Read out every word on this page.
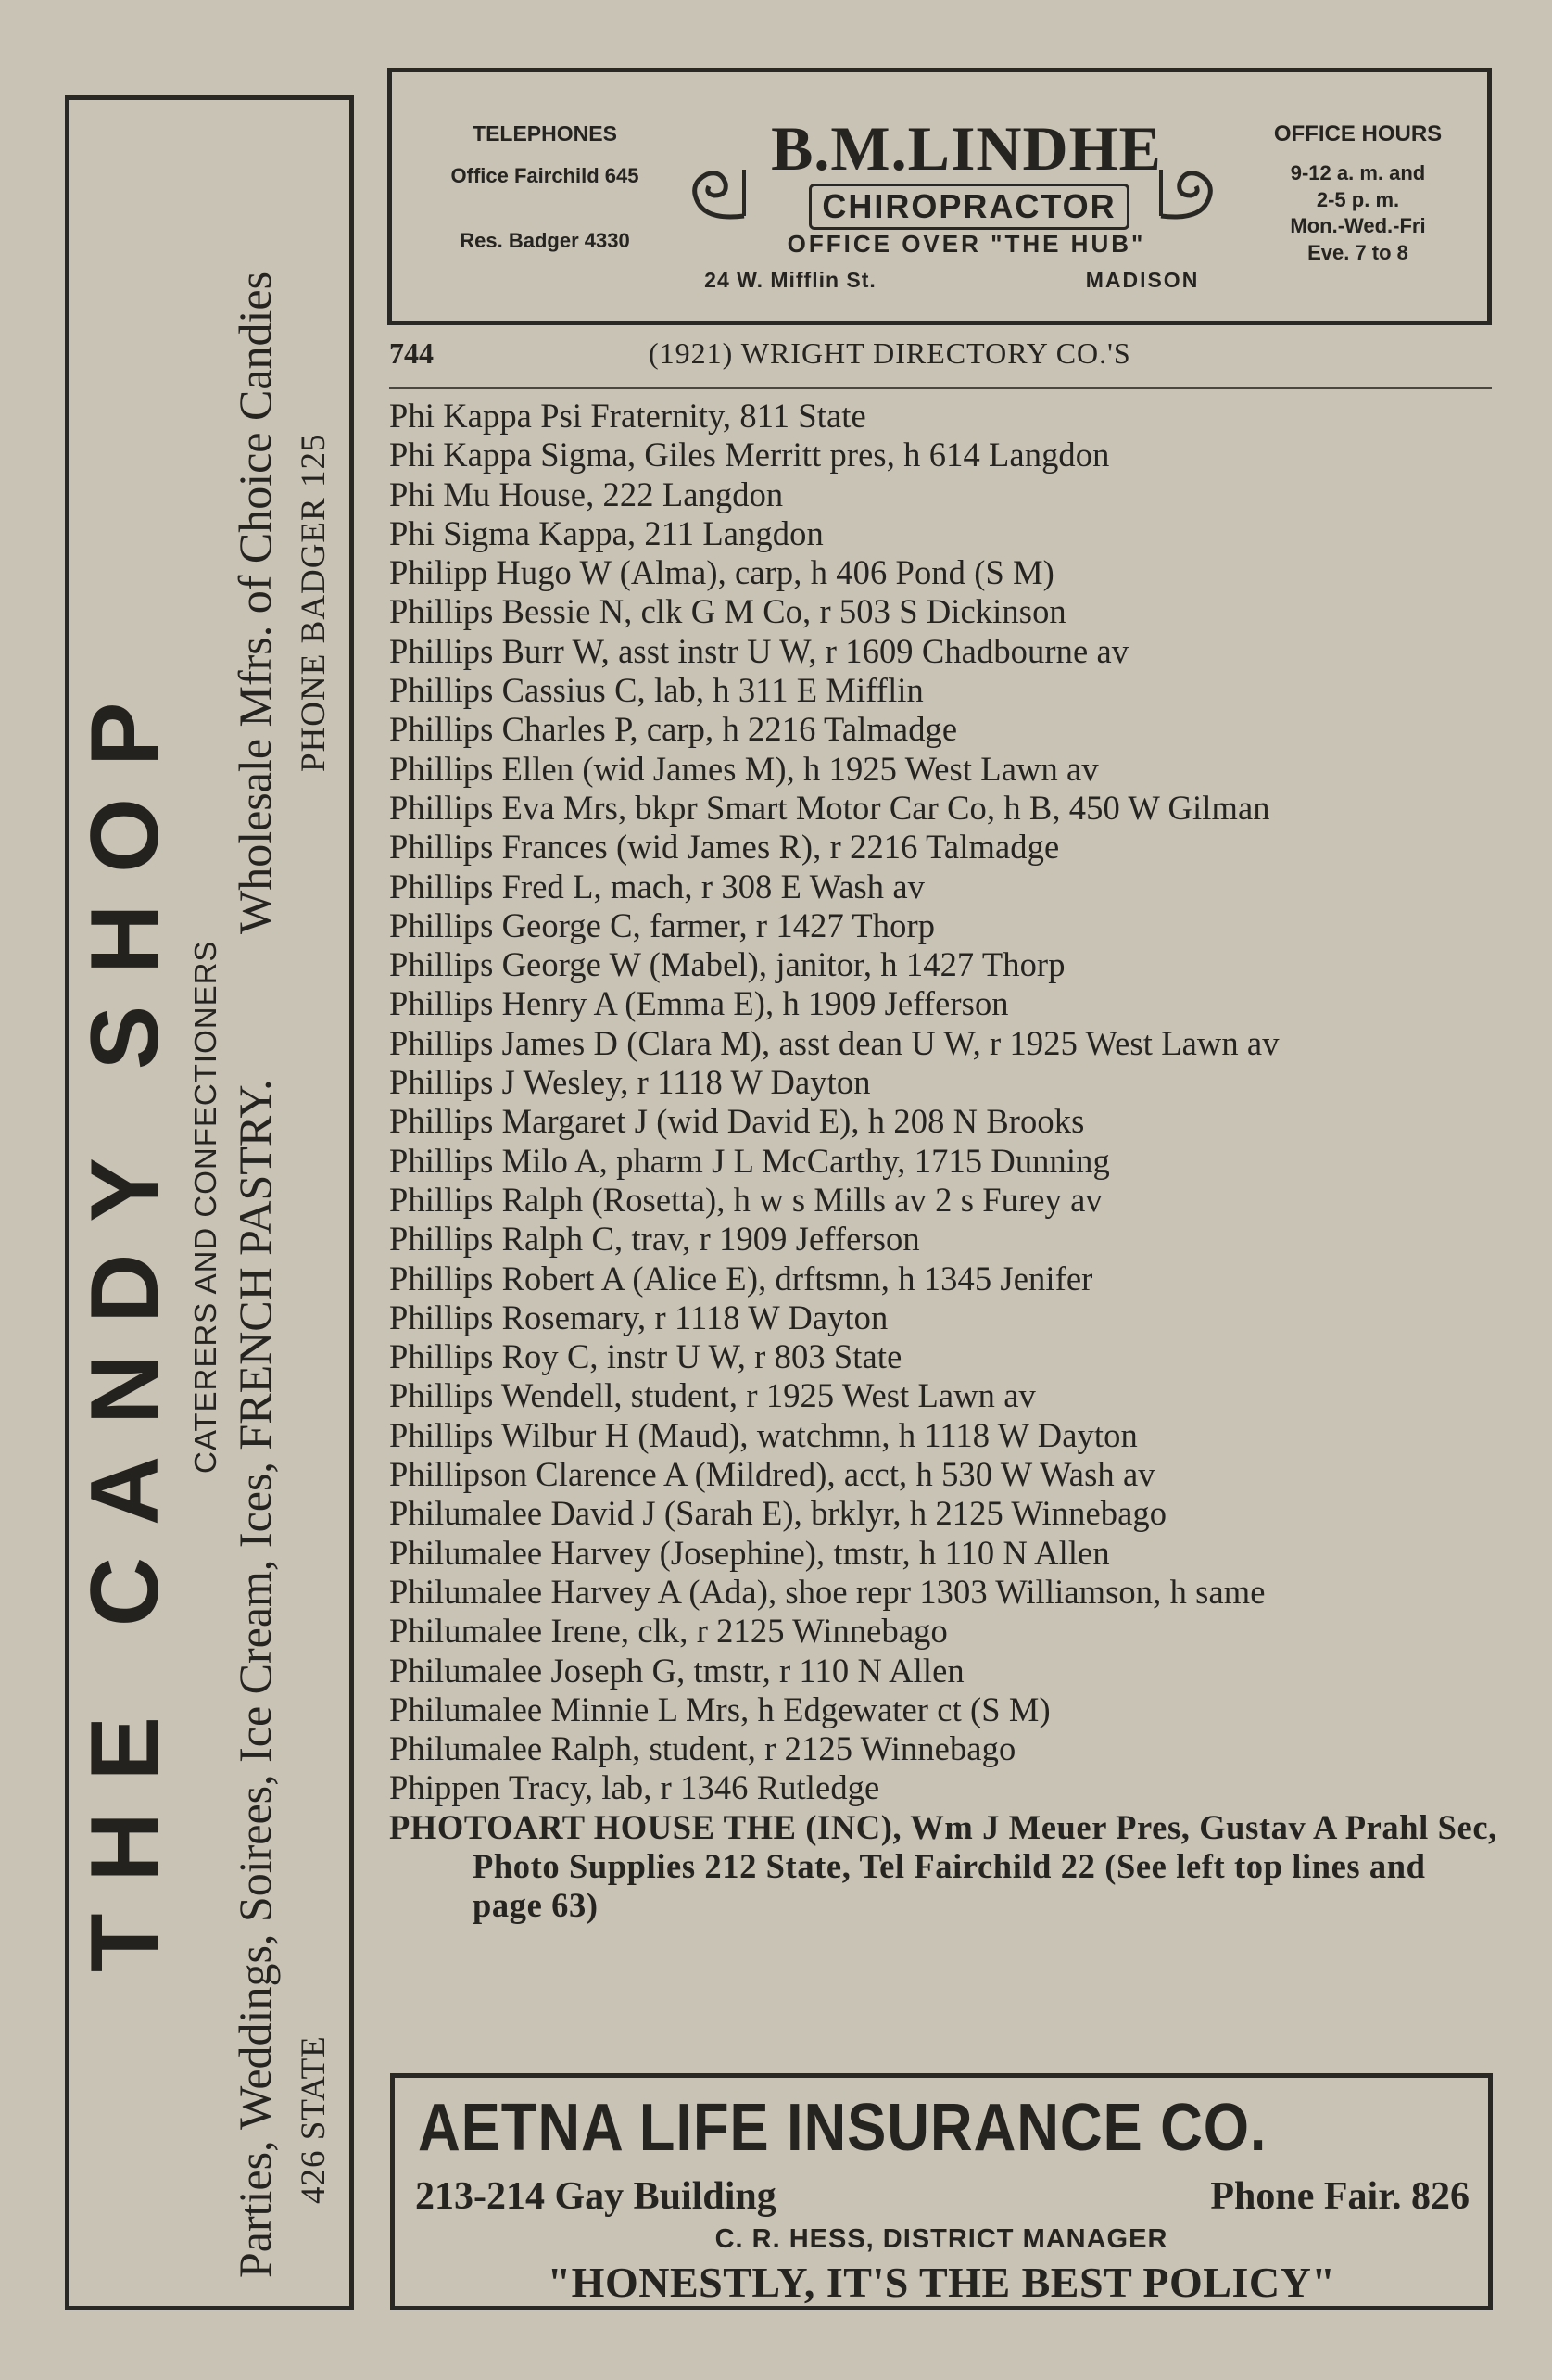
THE CANDY SHOP CATERERS AND CONFECTIONERS Parties, Weddings, Soirees, Ice Cream, Ices, FRENCH PASTRY.
Wholesale Mfrs. of Choice Candies
426 STATE
PHONE BADGER 125
TELEPHONES
Office Fairchild 645
Res. Badger 4330
B.M.LINDHE
CHIROPRACTOR
OFFICE OVER "THE HUB"
24 W. Mifflin St.	MADISON
OFFICE HOURS
9-12 a. m. and
2-5 p. m.
Mon.-Wed.-Fri
Eve. 7 to 8
744	(1921) WRIGHT DIRECTORY CO.'S
Phi Kappa Psi Fraternity, 811 State
Phi Kappa Sigma, Giles Merritt pres, h 614 Langdon
Phi Mu House, 222 Langdon
Phi Sigma Kappa, 211 Langdon
Philipp Hugo W (Alma), carp, h 406 Pond (S M)
Phillips Bessie N, clk G M Co, r 503 S Dickinson
Phillips Burr W, asst instr U W, r 1609 Chadbourne av
Phillips Cassius C, lab, h 311 E Mifflin
Phillips Charles P, carp, h 2216 Talmadge
Phillips Ellen (wid James M), h 1925 West Lawn av
Phillips Eva Mrs, bkpr Smart Motor Car Co, h B, 450 W Gilman
Phillips Frances (wid James R), r 2216 Talmadge
Phillips Fred L, mach, r 308 E Wash av
Phillips George C, farmer, r 1427 Thorp
Phillips George W (Mabel), janitor, h 1427 Thorp
Phillips Henry A (Emma E), h 1909 Jefferson
Phillips James D (Clara M), asst dean U W, r 1925 West Lawn av
Phillips J Wesley, r 1118 W Dayton
Phillips Margaret J (wid David E), h 208 N Brooks
Phillips Milo A, pharm J L McCarthy, 1715 Dunning
Phillips Ralph (Rosetta), h w s Mills av 2 s Furey av
Phillips Ralph C, trav, r 1909 Jefferson
Phillips Robert A (Alice E), drftsmn, h 1345 Jenifer
Phillips Rosemary, r 1118 W Dayton
Phillips Roy C, instr U W, r 803 State
Phillips Wendell, student, r 1925 West Lawn av
Phillips Wilbur H (Maud), watchmn, h 1118 W Dayton
Phillipson Clarence A (Mildred), acct, h 530 W Wash av
Philumalee David J (Sarah E), brklyr, h 2125 Winnebago
Philumalee Harvey (Josephine), tmstr, h 110 N Allen
Philumalee Harvey A (Ada), shoe repr 1303 Williamson, h same
Philumalee Irene, clk, r 2125 Winnebago
Philumalee Joseph G, tmstr, r 110 N Allen
Philumalee Minnie L Mrs, h Edgewater ct (S M)
Philumalee Ralph, student, r 2125 Winnebago
Phippen Tracy, lab, r 1346 Rutledge
PHOTOART HOUSE THE (INC), Wm J Meuer Pres, Gustav A Prahl Sec, Photo Supplies 212 State, Tel Fairchild 22 (See left top lines and page 63)
AETNA LIFE INSURANCE CO.
213-214 Gay Building	Phone Fair. 826
C. R. HESS, DISTRICT MANAGER
"HONESTLY, IT'S THE BEST POLICY"
